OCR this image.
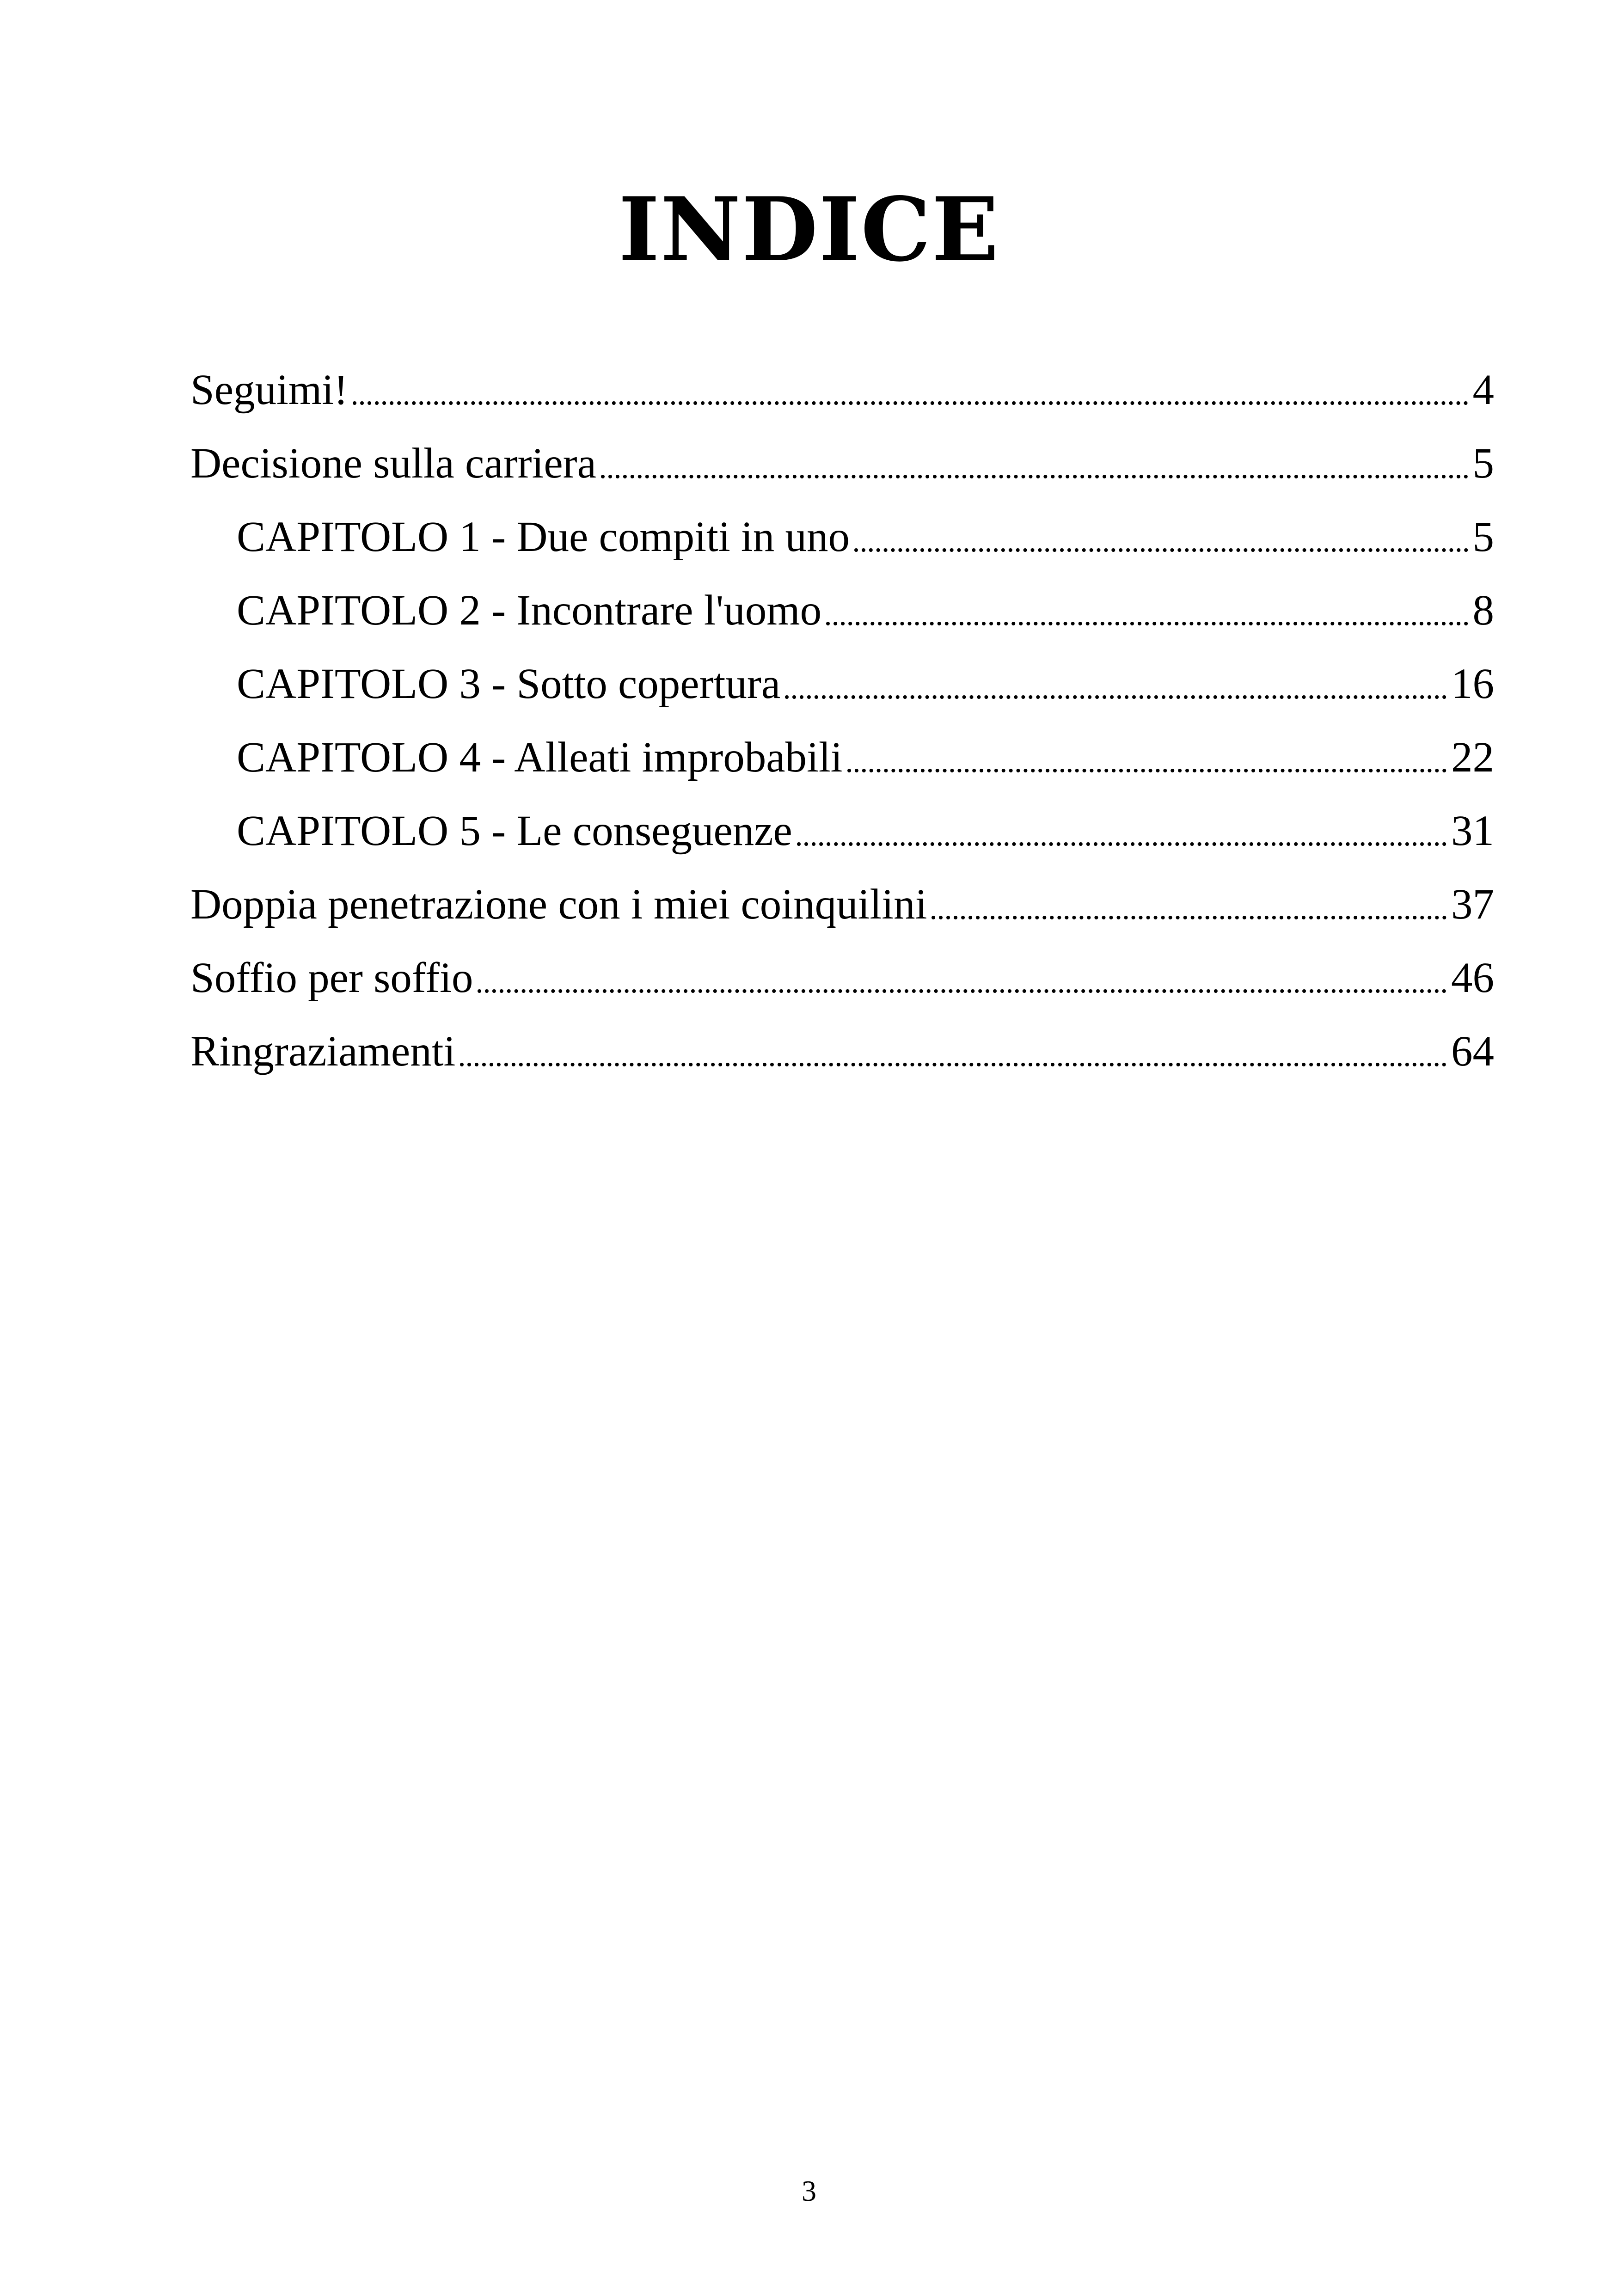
INDICE
Seguimi!	4
Decisione sulla carriera	5
CAPITOLO 1 - Due compiti in uno	5
CAPITOLO 2 - Incontrare l'uomo	8
CAPITOLO 3 - Sotto copertura	16
CAPITOLO 4 - Alleati improbabili	22
CAPITOLO 5 - Le conseguenze	31
Doppia penetrazione con i miei coinquilini	37
Soffio per soffio	46
Ringraziamenti	64
3
